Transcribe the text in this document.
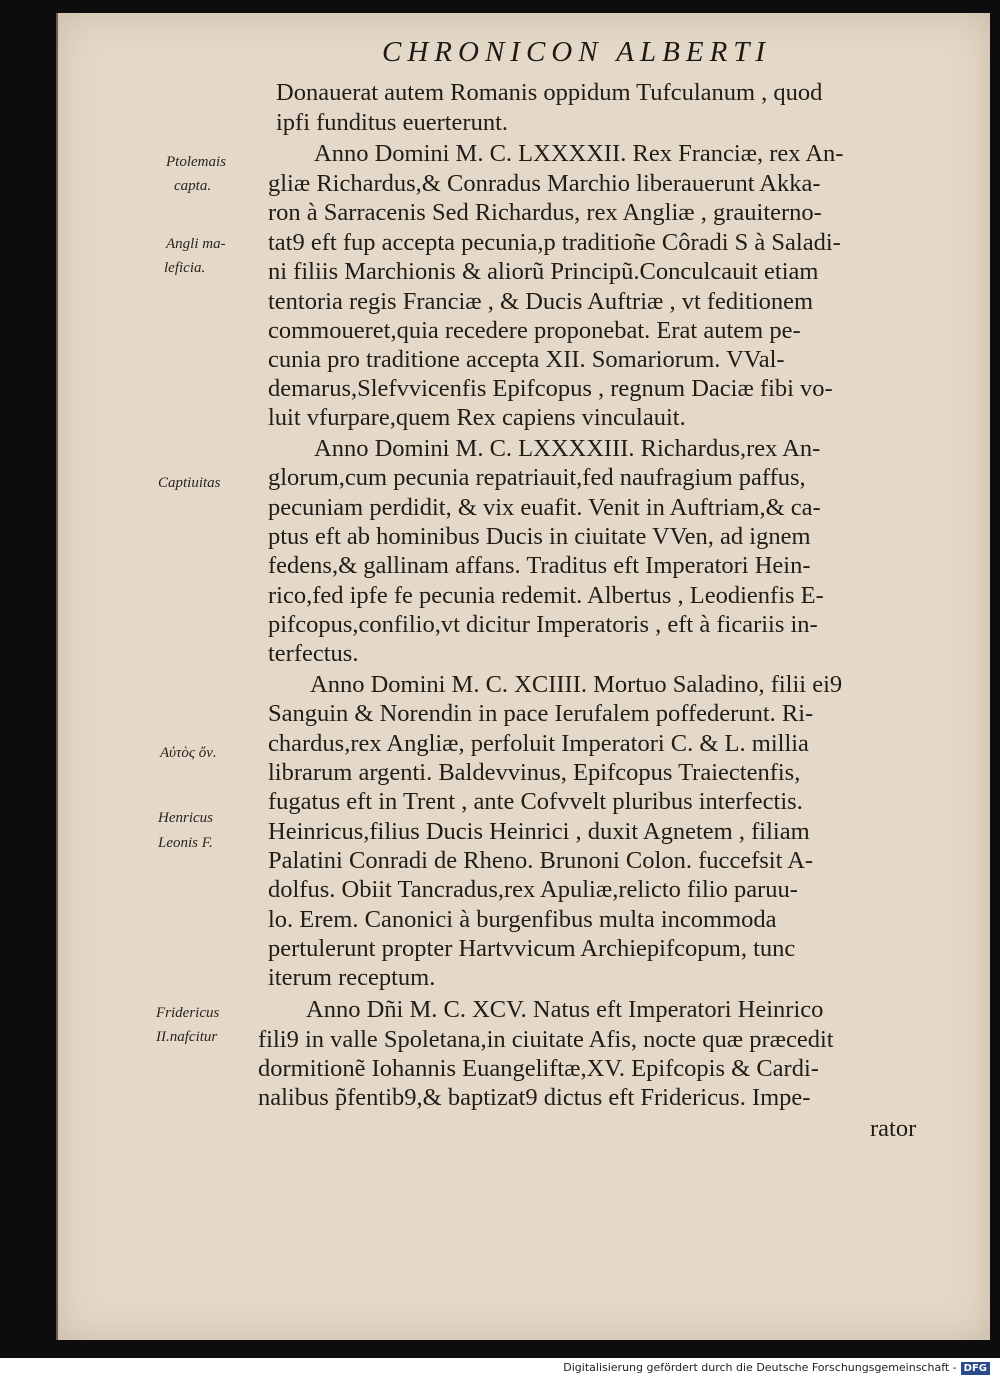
CHRONICON ALBERTI
Donauerat autem Romanis oppidum Tufculanum , quod
ipfi funditus euerterunt.
Anno Domini M. C. LXXXXII. Rex Franciæ, rex An-
gliæ Richardus,& Conradus Marchio liberauerunt Akka-
ron à Sarracenis Sed Richardus, rex Angliæ , grauiterno-
tat9 eft fup accepta pecunia,p traditioñe Côradi S à Saladi-
ni filiis Marchionis & aliorũ Principũ.Conculcauit etiam
tentoria regis Franciæ , & Ducis Auftriæ , vt feditionem
commoueret,quia recedere proponebat. Erat autem pe-
cunia pro traditione accepta XII. Somariorum. VVal-
demarus,Slefvvicenfis Epifcopus , regnum Daciæ fibi vo-
luit vfurpare,quem Rex capiens vinculauit.
Anno Domini M. C. LXXXXIII. Richardus,rex An-
glorum,cum pecunia repatriauit,fed naufragium paffus,
pecuniam perdidit, & vix euafit. Venit in Auftriam,& ca-
ptus eft ab hominibus Ducis in ciuitate VVen, ad ignem
fedens,& gallinam affans. Traditus eft Imperatori Hein-
rico,fed ipfe fe pecunia redemit. Albertus , Leodienfis E-
pifcopus,confilio,vt dicitur Imperatoris , eft à ficariis in-
terfectus.
Anno Domini M. C. XCIIII. Mortuo Saladino, filii ei9
Sanguin & Norendin in pace Ierufalem poffederunt. Ri-
chardus,rex Angliæ, perfoluit Imperatori C. & L. millia
librarum argenti. Baldevvinus, Epifcopus Traiectenfis,
fugatus eft in Trent , ante Cofvvelt pluribus interfectis.
Heinricus,filius Ducis Heinrici , duxit Agnetem , filiam
Palatini Conradi de Rheno. Brunoni Colon. fuccefsit A-
dolfus. Obiit Tancradus,rex Apuliæ,relicto filio paruu-
lo. Erem. Canonici à burgenfibus multa incommoda
pertulerunt propter Hartvvicum Archiepifcopum, tunc
iterum receptum.
Anno Dñi M. C. XCV. Natus eft Imperatori Heinrico
fili9 in valle Spoletana,in ciuitate Afis, nocte quæ præcedit
dormitionẽ Iohannis Euangeliftæ,XV. Epifcopis & Cardi-
nalibus p̃fentib9,& baptizat9 dictus eft Fridericus. Impe-
rator
Ptolemais
capta.
Angli ma-
leficia.
Captiuitas
Αὐτὸς ὄν.
Henricus
Leonis F.
Fridericus
II.nafcitur
Digitalisierung gefördert durch die Deutsche Forschungsgemeinschaft - DFG
